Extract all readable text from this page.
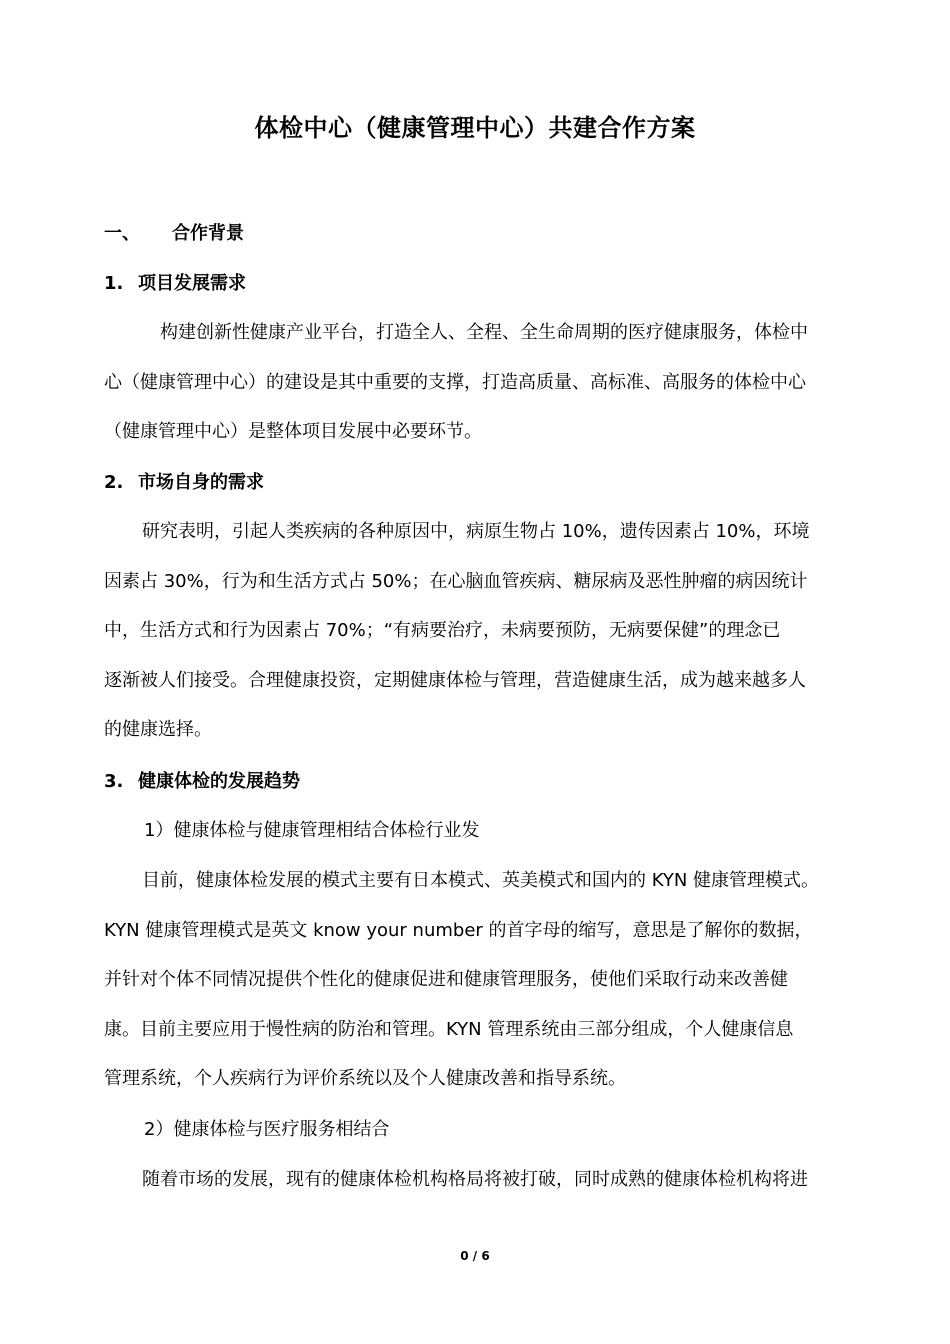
体检中心（健康管理中心）共建合作方案
一、 合作背景
1. 项目发展需求
构建创新性健康产业平台，打造全人、全程、全生命周期的医疗健康服务，体检中
心（健康管理中心）的建设是其中重要的支撑，打造高质量、高标准、高服务的体检中心
（健康管理中心）是整体项目发展中必要环节。
2. 市场自身的需求
研究表明，引起人类疾病的各种原因中，病原生物占 10%，遗传因素占 10%，环境
因素占 30%，行为和生活方式占 50%；在心脑血管疾病、糖尿病及恶性肿瘤的病因统计
中，生活方式和行为因素占 70%；“有病要治疗，未病要预防，无病要保健”的理念已
逐渐被人们接受。合理健康投资，定期健康体检与管理，营造健康生活，成为越来越多人
的健康选择。
3. 健康体检的发展趋势
1）健康体检与健康管理相结合体检行业发
目前，健康体检发展的模式主要有日本模式、英美模式和国内的 KYN 健康管理模式。
KYN 健康管理模式是英文 know your number 的首字母的缩写，意思是了解你的数据，
并针对个体不同情况提供个性化的健康促进和健康管理服务，使他们采取行动来改善健
康。目前主要应用于慢性病的防治和管理。KYN 管理系统由三部分组成，个人健康信息
管理系统，个人疾病行为评价系统以及个人健康改善和指导系统。
2）健康体检与医疗服务相结合
随着市场的发展，现有的健康体检机构格局将被打破，同时成熟的健康体检机构将进
0 / 6
